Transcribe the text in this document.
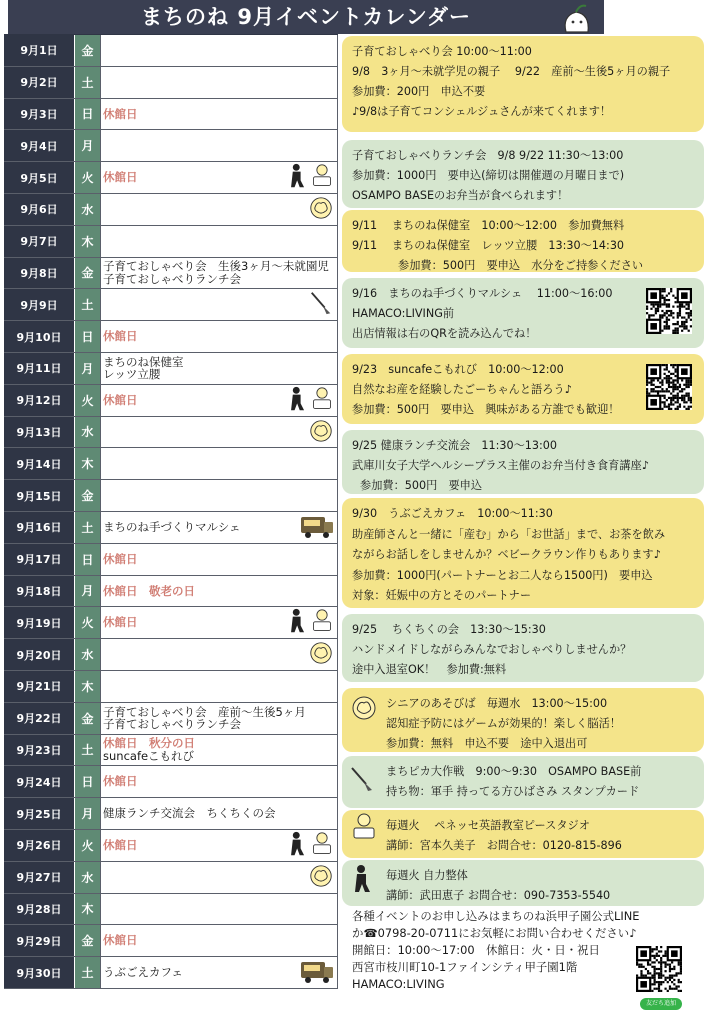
まちのね 9月イベントカレンダー
9月1日	金
9月2日	土
9月3日	日 休館日
9月4日	月
9月5日	火 休館日
9月6日	水
9月7日	木
9月8日	金 子育ておしゃべり会　生後3ヶ月～未就園児
子育ておしゃべりランチ会
9月9日	土
9月10日	日 休館日
9月11日	月 まちのね保健室
レッツ立腰
9月12日	火 休館日
9月13日	水
9月14日	木
9月15日	金
9月16日	土 まちのね手づくりマルシェ
9月17日	日 休館日
9月18日	月 休館日　敬老の日
9月19日	火 休館日
9月20日	水
9月21日	木
9月22日	金 子育ておしゃべり会　産前～生後5ヶ月
子育ておしゃべりランチ会
9月23日	土 休館日　秋分の日
suncafeこもれび
9月24日	日 休館日
9月25日	月 健康ランチ交流会　ちくちくの会
9月26日	火 休館日
9月27日	水
9月28日	木
9月29日	金 休館日
9月30日	土 うぶごえカフェ
子育ておしゃべり会 10:00～11:00
9/8　3ヶ月～未就学児の親子　 9/22　産前～生後5ヶ月の親子
参加費：200円　申込不要
♪9/8は子育てコンシェルジュさんが来てくれます！
子育ておしゃべりランチ会　9/8 9/22 11:30～13:00
参加費：1000円　要申込(締切は開催週の月曜日まで)
OSAMPO BASEのお弁当が食べられます！
9/11　 まちのね保健室　10:00～12:00　参加費無料
9/11　 まちのね保健室　レッツ立腰　13:30～14:30
参加費：500円　要申込　水分をご持参ください
9/16　まちのね手づくりマルシェ　 11:00～16:00
HAMACO:LIVING前
出店情報は右のQRを読み込んでね！
9/23　suncafeこもれび　10:00～12:00
自然なお産を経験したごーちゃんと語ろう♪
参加費：500円　要申込　興味がある方誰でも歓迎！
9/25 健康ランチ交流会　11:30～13:00
武庫川女子大学ヘルシープラス主催のお弁当付き食育講座♪
参加費：500円　要申込
9/30　うぶごえカフェ　10:00～11:30
助産師さんと一緒に「産む」から「お世話」まで、お茶を飲み
ながらお話しをしませんか？ベビークラウン作りもあります♪
参加費：1000円(パートナーとお二人なら1500円)　要申込
対象：妊娠中の方とそのパートナー
9/25　 ちくちくの会　13:30～15:30
ハンドメイドしながらみんなでおしゃべりしませんか？
途中入退室OK！　参加費:無料
シニアのあそびば　毎週水　13:00～15:00
認知症予防にはゲームが効果的！楽しく脳活！
参加費：無料　申込不要　途中入退出可
まちピカ大作戦　9:00～9:30　OSAMPO BASE前
持ち物：軍手 持ってる方ひばさみ スタンプカード
毎週火　 ペネッセ英語教室ピースタジオ
講師：宮本久美子　お問合せ：0120-815-896
毎週火 自力整体
講師：武田恵子 お問合せ：090-7353-5540
各種イベントのお申し込みはまちのね浜甲子園公式LINE
か☎0798-20-0711にお気軽にお問い合わせください♪
開館日：10:00～17:00　休館日：火・日・祝日
西宮市枝川町10-1ファインシティ甲子園1階
HAMACO:LIVING
友だち追加
